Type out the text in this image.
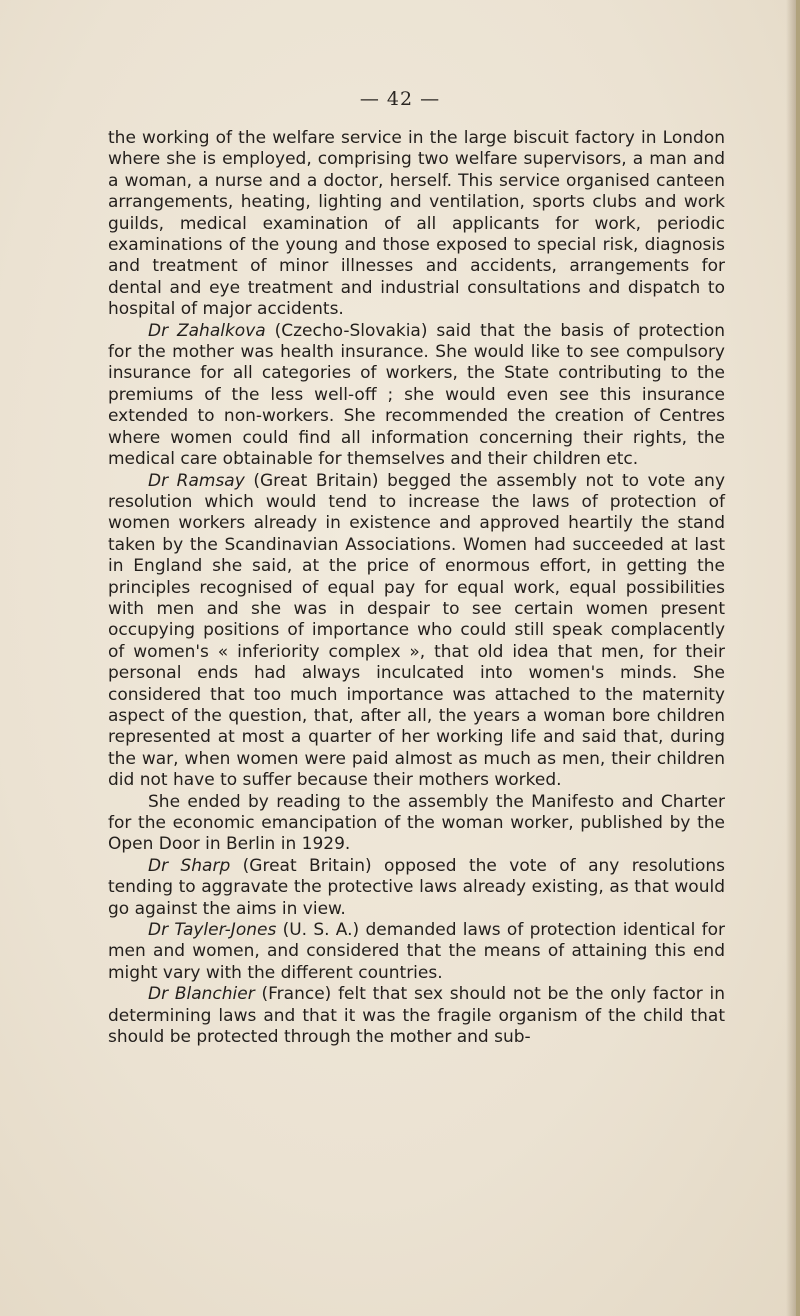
— 42 —

the working of the welfare service in the large biscuit factory in London where she is employed, comprising two welfare supervisors, a man and a woman, a nurse and a doctor, herself. This service organised canteen arrangements, heating, lighting and ventilation, sports clubs and work guilds, medical examination of all applicants for work, periodic examinations of the young and those exposed to special risk, diagnosis and treatment of minor illnesses and accidents, arrangements for dental and eye treatment and industrial consultations and dispatch to hospital of major accidents.

Dr Zahalkova (Czecho-Slovakia) said that the basis of protection for the mother was health insurance. She would like to see compulsory insurance for all categories of workers, the State contributing to the premiums of the less well-off ; she would even see this insurance extended to non-workers. She recommended the creation of Centres where women could find all information concerning their rights, the medical care obtainable for themselves and their children etc.

Dr Ramsay (Great Britain) begged the assembly not to vote any resolution which would tend to increase the laws of protection of women workers already in existence and approved heartily the stand taken by the Scandinavian Associations. Women had succeeded at last in England she said, at the price of enormous effort, in getting the principles recognised of equal pay for equal work, equal possibilities with men and she was in despair to see certain women present occupying positions of importance who could still speak complacently of women's « inferiority complex », that old idea that men, for their personal ends had always inculcated into women's minds. She considered that too much importance was attached to the maternity aspect of the question, that, after all, the years a woman bore children represented at most a quarter of her working life and said that, during the war, when women were paid almost as much as men, their children did not have to suffer because their mothers worked.

She ended by reading to the assembly the Manifesto and Charter for the economic emancipation of the woman worker, published by the Open Door in Berlin in 1929.

Dr Sharp (Great Britain) opposed the vote of any resolutions tending to aggravate the protective laws already existing, as that would go against the aims in view.

Dr Tayler-Jones (U. S. A.) demanded laws of protection identical for men and women, and considered that the means of attaining this end might vary with the different countries.

Dr Blanchier (France) felt that sex should not be the only factor in determining laws and that it was the fragile organism of the child that should be protected through the mother and sub-
